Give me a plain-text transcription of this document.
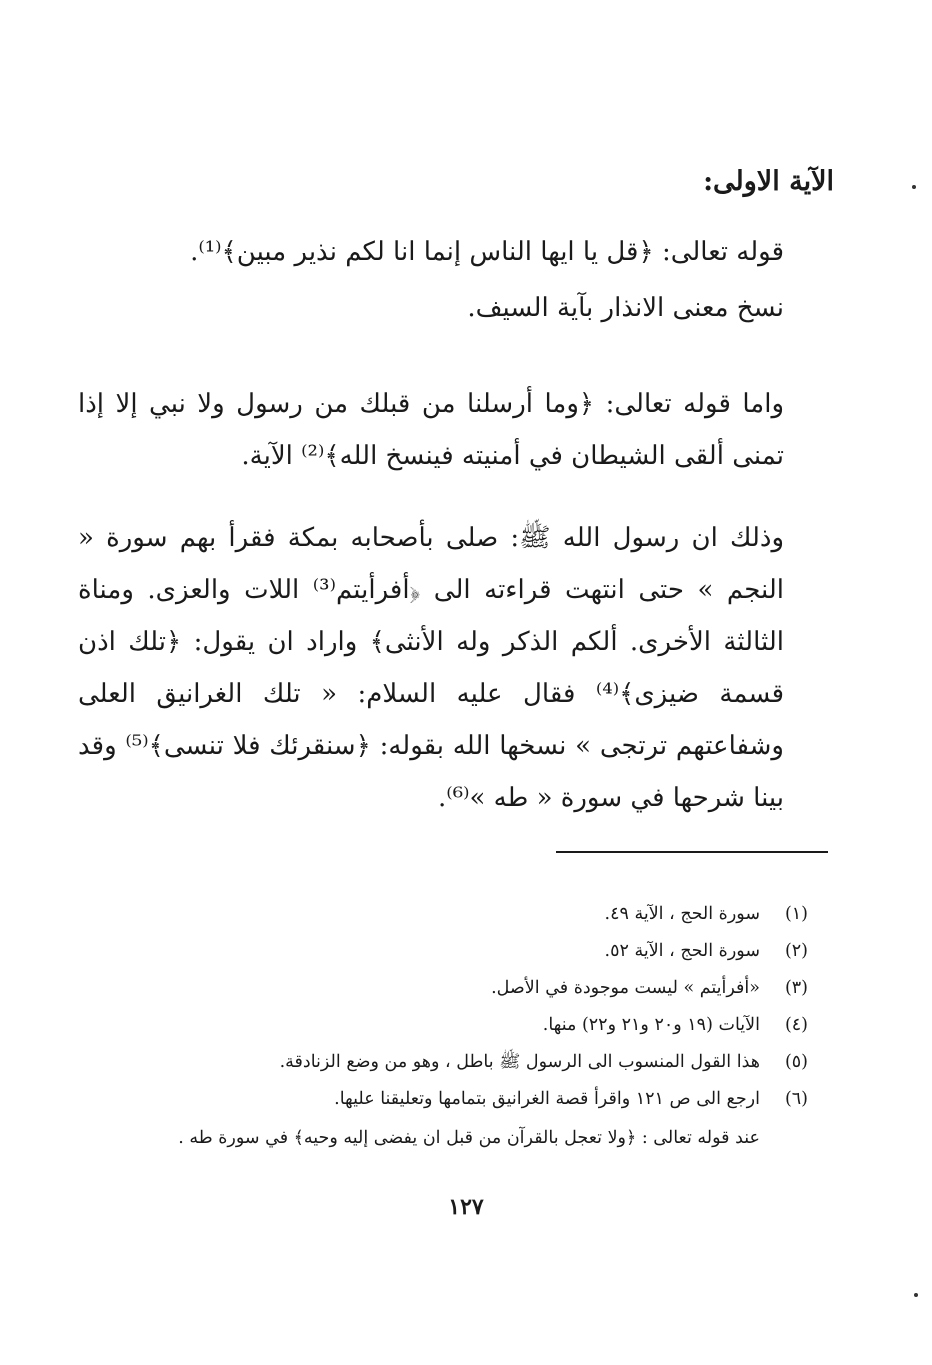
الآية الاولى:
قوله تعالى: ﴿قل يا ايها الناس إنما انا لكم نذير مبين﴾⁽¹⁾.
نسخ معنى الانذار بآية السيف.

واما قوله تعالى: ﴿وما أرسلنا من قبلك من رسول ولا نبي إلا إذا تمنى ألقى الشيطان في أمنيته فينسخ الله﴾⁽²⁾ الآية.

وذلك ان رسول الله ﷺ: صلى بأصحابه بمكة فقرأ بهم سورة « النجم » حتى انتهت قراءته الى ﴿أفرأيتم⁽³⁾ اللات والعزى. ومناة الثالثة الأخرى. ألكم الذكر وله الأنثى﴾ واراد ان يقول: ﴿تلك اذن قسمة ضيزى﴾⁽⁴⁾ فقال عليه السلام: « تلك الغرانيق العلى وشفاعتهم ترتجى » نسخها الله بقوله: ﴿سنقرئك فلا تنسى﴾⁽⁵⁾ وقد بينا شرحها في سورة « طه »⁽⁶⁾.

(١)
سورة الحج ، الآية ٤٩.
(٢)
سورة الحج ، الآية ٥٢.
(٣)
«أفرأيتم » ليست موجودة في الأصل.
(٤)
الآيات (١٩ و٢٠ و٢١ و٢٢) منها.
(٥)
هذا القول المنسوب الى الرسول ﷺ باطل ، وهو من وضع الزنادقة.
(٦)
ارجع الى ص ١٢١ واقرأ قصة الغرانيق بتمامها وتعليقنا عليها.
عند قوله تعالى : ﴿ولا تعجل بالقرآن من قبل ان يفضى إليه وحيه﴾ في سورة طه .
١٢٧
